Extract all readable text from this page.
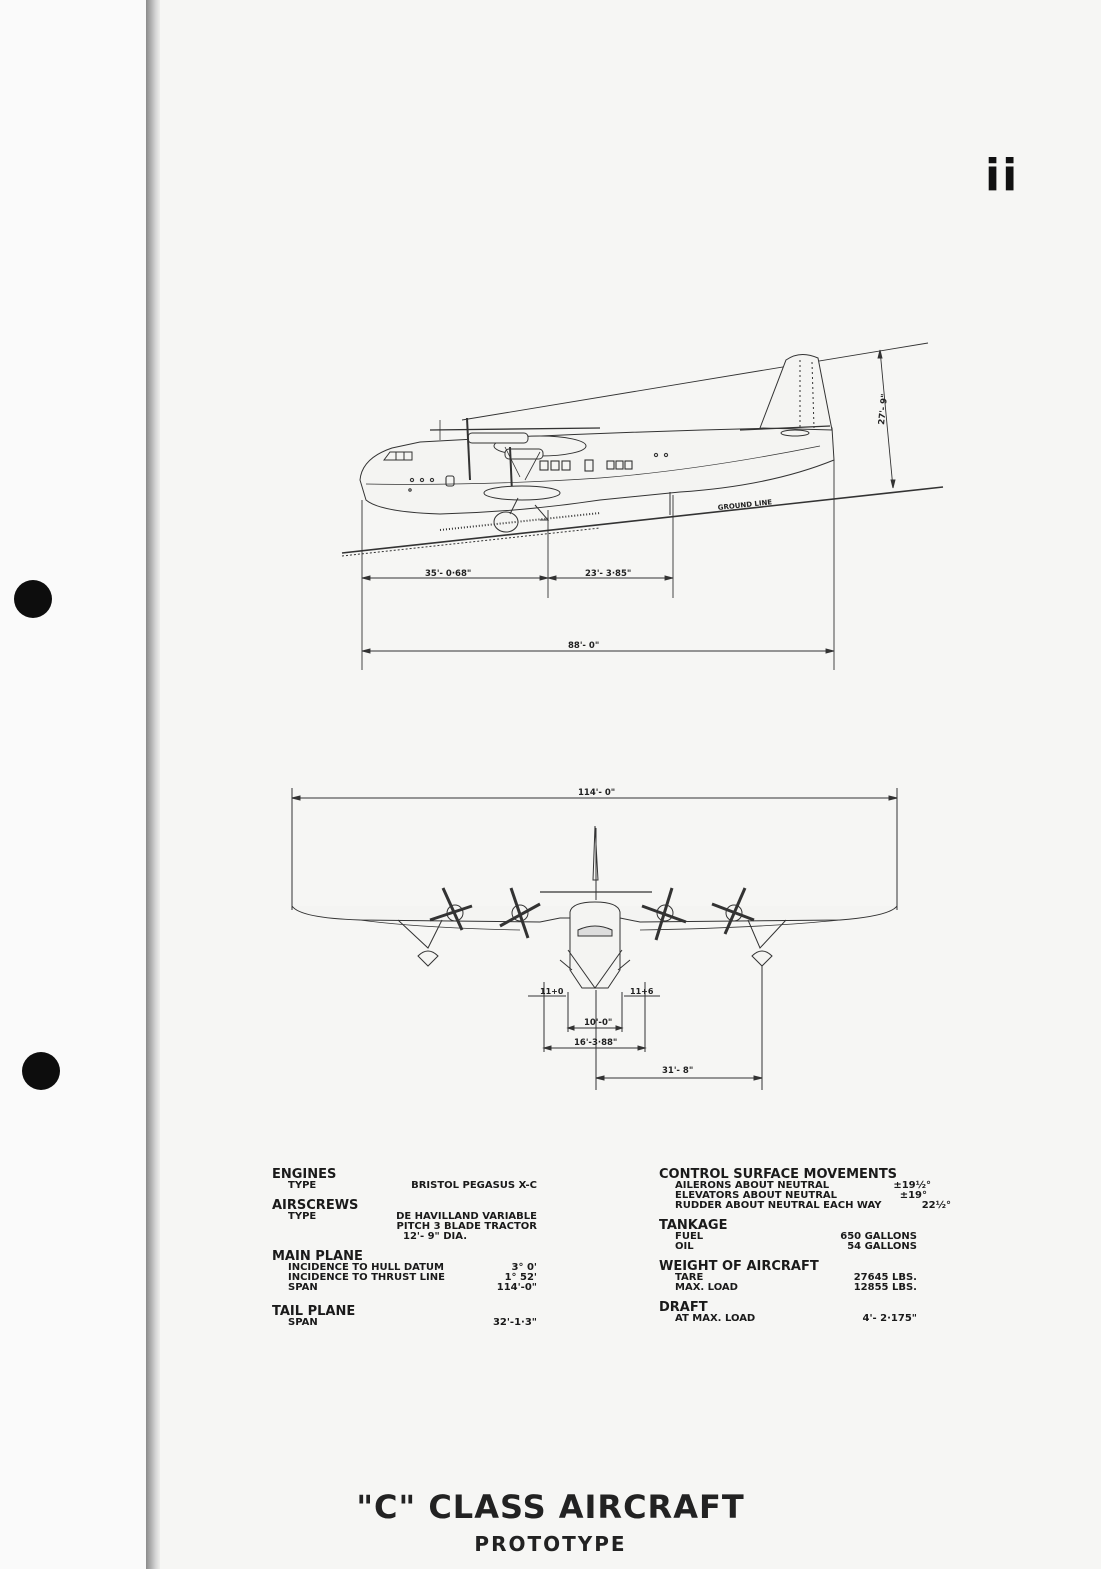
ii
27'- 9"
GROUND LINE
35'- 0·68"	23'- 3·85"
88'- 0"
114'- 0"
11+0	11+6
10'-0"
16'-3·88"
31'- 8"
ENGINES
TYPE	BRISTOL PEGASUS X-C
AIRSCREWS
TYPE	DE HAVILLAND VARIABLE
PITCH 3 BLADE TRACTOR
12'- 9" DIA.
MAIN PLANE
INCIDENCE TO HULL DATUM	3° 0'
INCIDENCE TO THRUST LINE	1° 52'
SPAN	114'-0"
TAIL PLANE
SPAN	32'-1·3"
CONTROL SURFACE MOVEMENTS
AILERONS ABOUT NEUTRAL	±19½°
ELEVATORS ABOUT NEUTRAL	±19°
RUDDER ABOUT NEUTRAL EACH WAY	22½°
TANKAGE
FUEL	650 GALLONS
OIL	54 GALLONS
WEIGHT OF AIRCRAFT
TARE	27645 LBS.
MAX. LOAD	12855 LBS.
DRAFT
AT MAX. LOAD	4'- 2·175"
"C" CLASS AIRCRAFT
PROTOTYPE
